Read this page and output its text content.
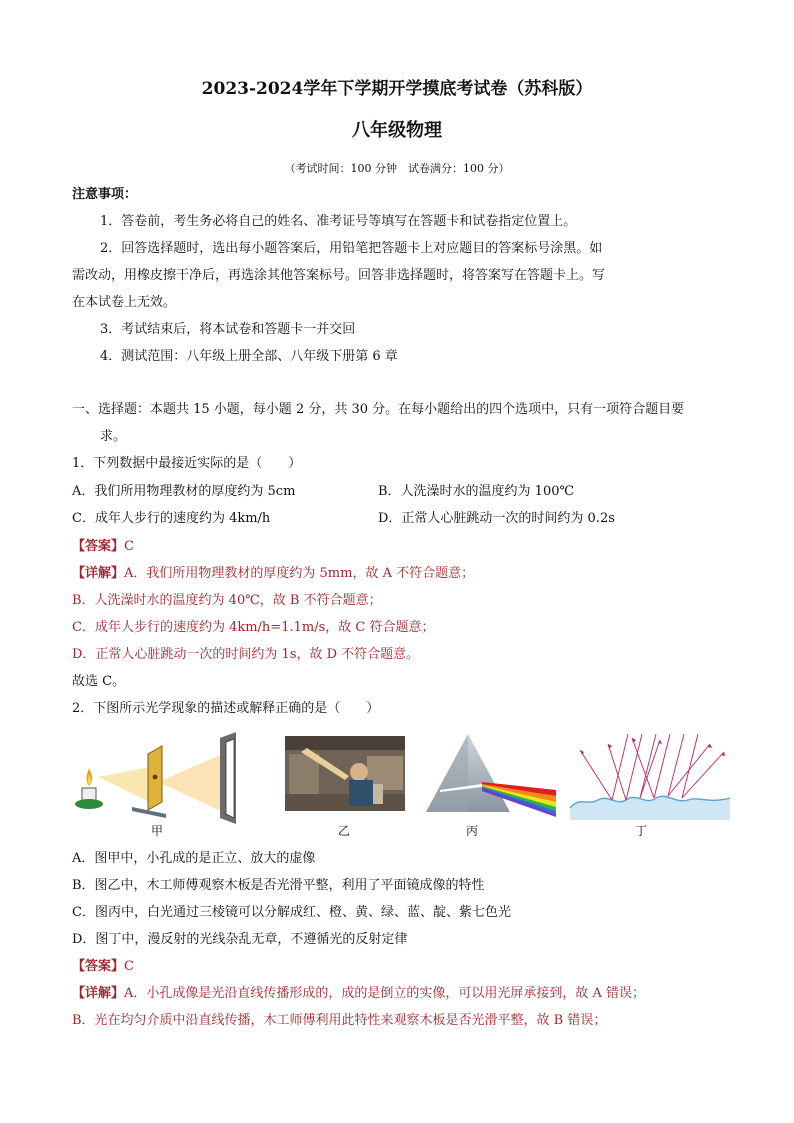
2023-2024学年下学期开学摸底考试卷（苏科版）
八年级物理
（考试时间：100 分钟　试卷满分：100 分）
注意事项：
1．答卷前，考生务必将自己的姓名、准考证号等填写在答题卡和试卷指定位置上。
2．回答选择题时，选出每小题答案后，用铅笔把答题卡上对应题目的答案标号涂黑。如
需改动，用橡皮擦干净后，再选涂其他答案标号。回答非选择题时，将答案写在答题卡上。写
在本试卷上无效。
3．考试结束后，将本试卷和答题卡一并交回
4．测试范围：八年级上册全部、八年级下册第 6 章
一、选择题：本题共 15 小题，每小题 2 分，共 30 分。在每小题给出的四个选项中，只有一项符合题目要
求。
1．下列数据中最接近实际的是（　　）
A．我们所用物理教材的厚度约为 5cm	B．人洗澡时水的温度约为 100℃
C．成年人步行的速度约为 4km/h	D．正常人心脏跳动一次的时间约为 0.2s
【答案】C
【详解】A．我们所用物理教材的厚度约为 5mm，故 A 不符合题意；
B．人洗澡时水的温度约为 40℃，故 B 不符合题意；
C．成年人步行的速度约为 4km/h=1.1m/s，故 C 符合题意；
D．正常人心脏跳动一次的时间约为 1s，故 D 不符合题意。
故选 C。
2．下图所示光学现象的描述或解释正确的是（　　）
甲	乙	丙	丁
A．图甲中，小孔成的是正立、放大的虚像
B．图乙中，木工师傅观察木板是否光滑平整，利用了平面镜成像的特性
C．图丙中，白光通过三棱镜可以分解成红、橙、黄、绿、蓝、靛、紫七色光
D．图丁中，漫反射的光线杂乱无章，不遵循光的反射定律
【答案】C
【详解】A．小孔成像是光沿直线传播形成的，成的是倒立的实像，可以用光屏承接到，故 A 错误；
B．光在均匀介质中沿直线传播，木工师傅利用此特性来观察木板是否光滑平整，故 B 错误；
